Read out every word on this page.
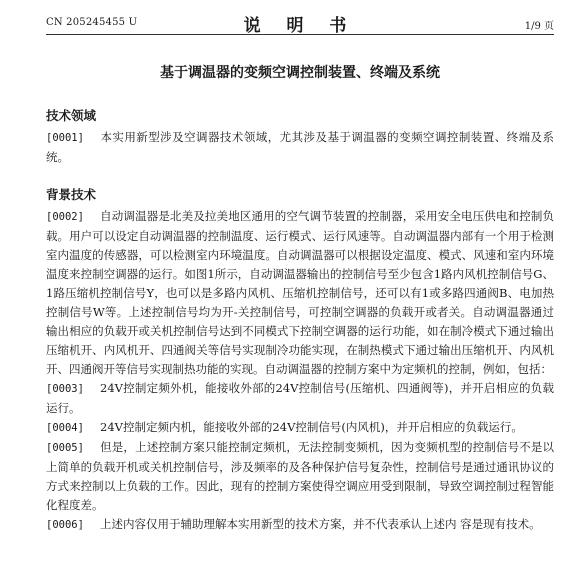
CN 205245455 U	说 明 书	1/9 页
基于调温器的变频空调控制装置、终端及系统
技术领域

[0001] 本实用新型涉及空调器技术领域，尤其涉及基于调温器的变频空调控制装置、终端及系统。

背景技术

[0002] 自动调温器是北美及拉美地区通用的空气调节装置的控制器，采用安全电压供电和控制负载。用户可以设定自动调温器的控制温度、运行模式、运行风速等。自动调温器内部有一个用于检测室内温度的传感器，可以检测室内环境温度。自动调温器可以根据设定温度、模式、风速和室内环境温度来控制空调器的运行。如图1所示，自动调温器输出的控制信号至少包含1路内风机控制信号G、1路压缩机控制信号Y，也可以是多路内风机、压缩机控制信号，还可以有1或多路四通阀B、电加热控制信号W等。上述控制信号均为开-关控制信号，可控制空调器的负载开或者关。自动调温器通过输出相应的负载开或关机控制信号达到不同模式下控制空调器的运行功能，如在制冷模式下通过输出压缩机开、内风机开、四通阀关等信号实现制冷功能实现，在制热模式下通过输出压缩机开、内风机开、四通阀开等信号实现制热功能的实现。自动调温器的控制方案中为定频机的控制，例如，包括：

[0003] 24V控制定频外机，能接收外部的24V控制信号(压缩机、四通阀等)，并开启相应的负载运行。

[0004] 24V控制定频内机，能接收外部的24V控制信号(内风机)，并开启相应的负载运行。

[0005] 但是，上述控制方案只能控制定频机，无法控制变频机，因为变频机型的控制信号不是以上简单的负载开机或关机控制信号，涉及频率的及各种保护信号复杂性，控制信号是通过通讯协议的方式来控制以上负载的工作。因此，现有的控制方案使得空调应用受到限制，导致空调控制过程智能化程度差。

[0006] 上述内容仅用于辅助理解本实用新型的技术方案，并不代表承认上述内 容是现有技术。
